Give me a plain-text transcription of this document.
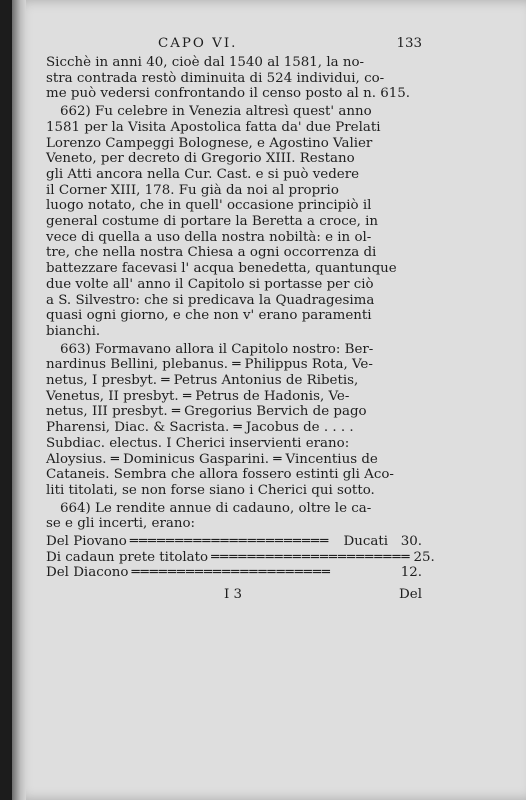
CAPO VI.	133
Sicchè in anni 40, cioè dal 1540 al 1581, la no-
stra contrada restò diminuita di 524 individui, co-
me può vedersi confrontando il censo posto al n. 615.
662) Fu celebre in Venezia altresì quest' anno
1581 per la Visita Apostolica fatta da' due Prelati
Lorenzo Campeggi Bolognese, e Agostino Valier
Veneto, per decreto di Gregorio XIII. Restano
gli Atti ancora nella Cur. Cast. e si può vedere
il Corner XIII, 178. Fu già da noi al proprio
luogo notato, che in quell' occasione principiò il
general costume di portare la Beretta a croce, in
vece di quella a uso della nostra nobiltà: e in ol-
tre, che nella nostra Chiesa a ogni occorrenza di
battezzare facevasi l' acqua benedetta, quantunque
due volte all' anno il Capitolo si portasse per ciò
a S. Silvestro: che si predicava la Quadragesima
quasi ogni giorno, e che non v' erano paramenti
bianchi.
663) Formavano allora il Capitolo nostro: Ber-
nardinus Bellini, plebanus. ═ Philippus Rota, Ve-
netus, I presbyt. ═ Petrus Antonius de Ribetis,
Venetus, II presbyt. ═ Petrus de Hadonis, Ve-
netus, III presbyt. ═ Gregorius Bervich de pago
Pharensi, Diac. & Sacrista. ═ Jacobus de . . . .
Subdiac. electus. I Cherici inservienti erano:
Aloysius. ═ Dominicus Gasparini. ═ Vincentius de
Cataneis. Sembra che allora fossero estinti gli Aco-
liti titolati, se non forse siano i Cherici qui sotto.
664) Le rendite annue di cadauno, oltre le ca-
se e gli incerti, erano:
Del Piovano ══════════════════════	Ducati 30.
Di cadaun prete titolato ══════════════════════ 25.
Del Diacono ══════════════════════	12.
I 3	Del
